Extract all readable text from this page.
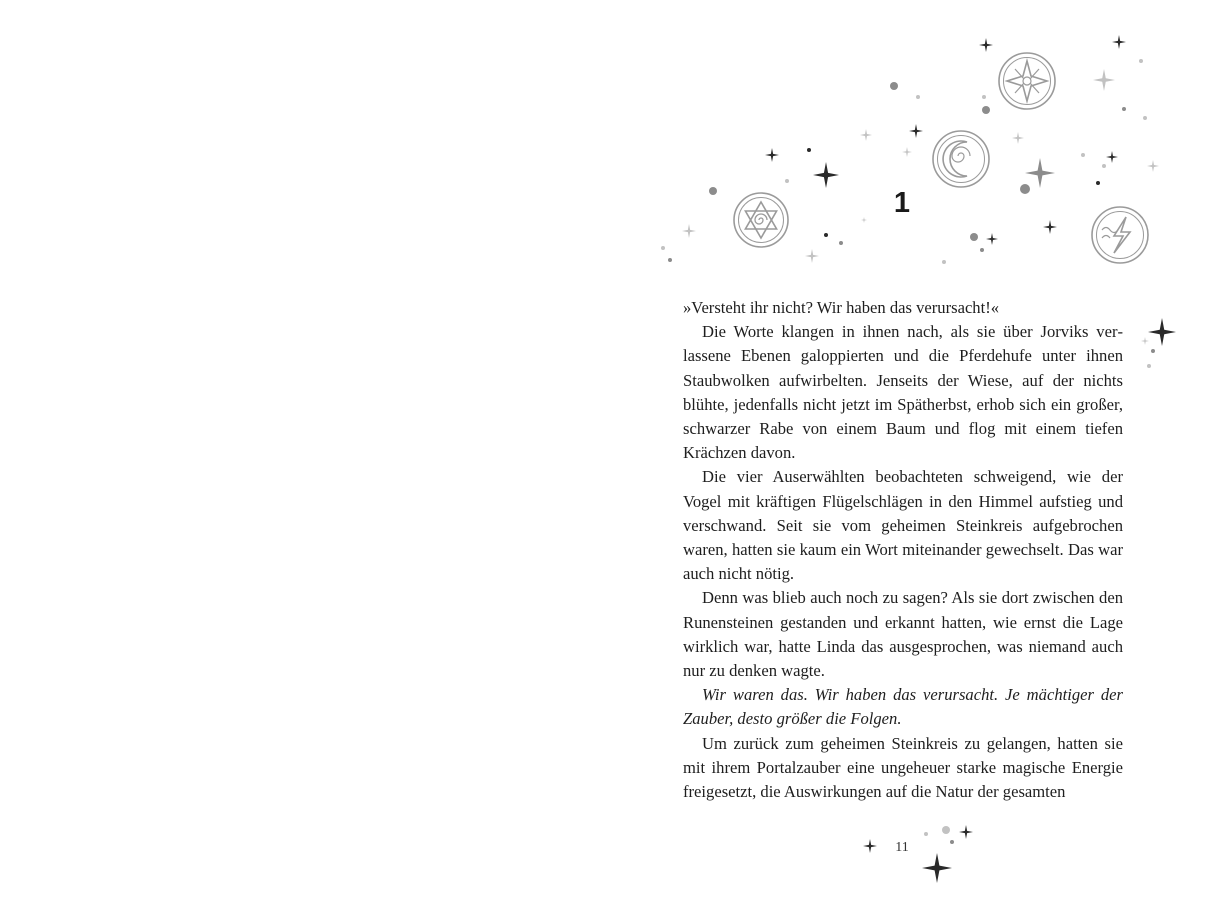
1

»Versteht ihr nicht? Wir haben das verursacht!«

Die Worte klangen in ihnen nach, als sie über Jorviks verlassene Ebenen galoppierten und die Pferdehufe unter ihnen Staubwolken aufwirbelten. Jenseits der Wiese, auf der nichts blühte, jedenfalls nicht jetzt im Spätherbst, erhob sich ein großer, schwarzer Rabe von einem Baum und flog mit einem tiefen Krächzen davon.

Die vier Auserwählten beobachteten schweigend, wie der Vogel mit kräftigen Flügelschlägen in den Himmel aufstieg und verschwand. Seit sie vom geheimen Steinkreis aufgebrochen waren, hatten sie kaum ein Wort miteinander gewechselt. Das war auch nicht nötig.

Denn was blieb auch noch zu sagen? Als sie dort zwischen den Runensteinen gestanden und erkannt hatten, wie ernst die Lage wirklich war, hatte Linda das ausgesprochen, was niemand auch nur zu denken wagte.

Wir waren das. Wir haben das verursacht. Je mächtiger der Zauber, desto größer die Folgen.

Um zurück zum geheimen Steinkreis zu gelangen, hatten sie mit ihrem Portalzauber eine ungeheuer starke magische Energie freigesetzt, die Auswirkungen auf die Natur der gesamten

11
